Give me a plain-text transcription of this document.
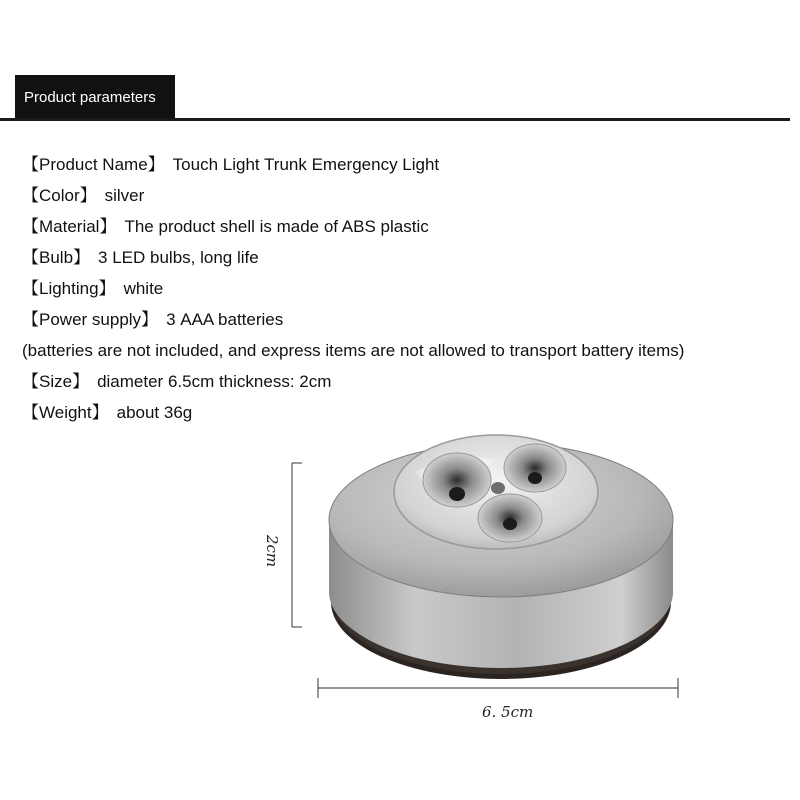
Product parameters
【Product Name】 Touch Light Trunk Emergency Light
【Color】 silver
【Material】 The product shell is made of ABS plastic
【Bulb】 3 LED bulbs, long life
【Lighting】 white
【Power supply】 3 AAA batteries
(batteries are not included, and express items are not allowed to transport battery items)
【Size】 diameter 6.5cm thickness: 2cm
【Weight】 about 36g
2cm
6. 5cm
